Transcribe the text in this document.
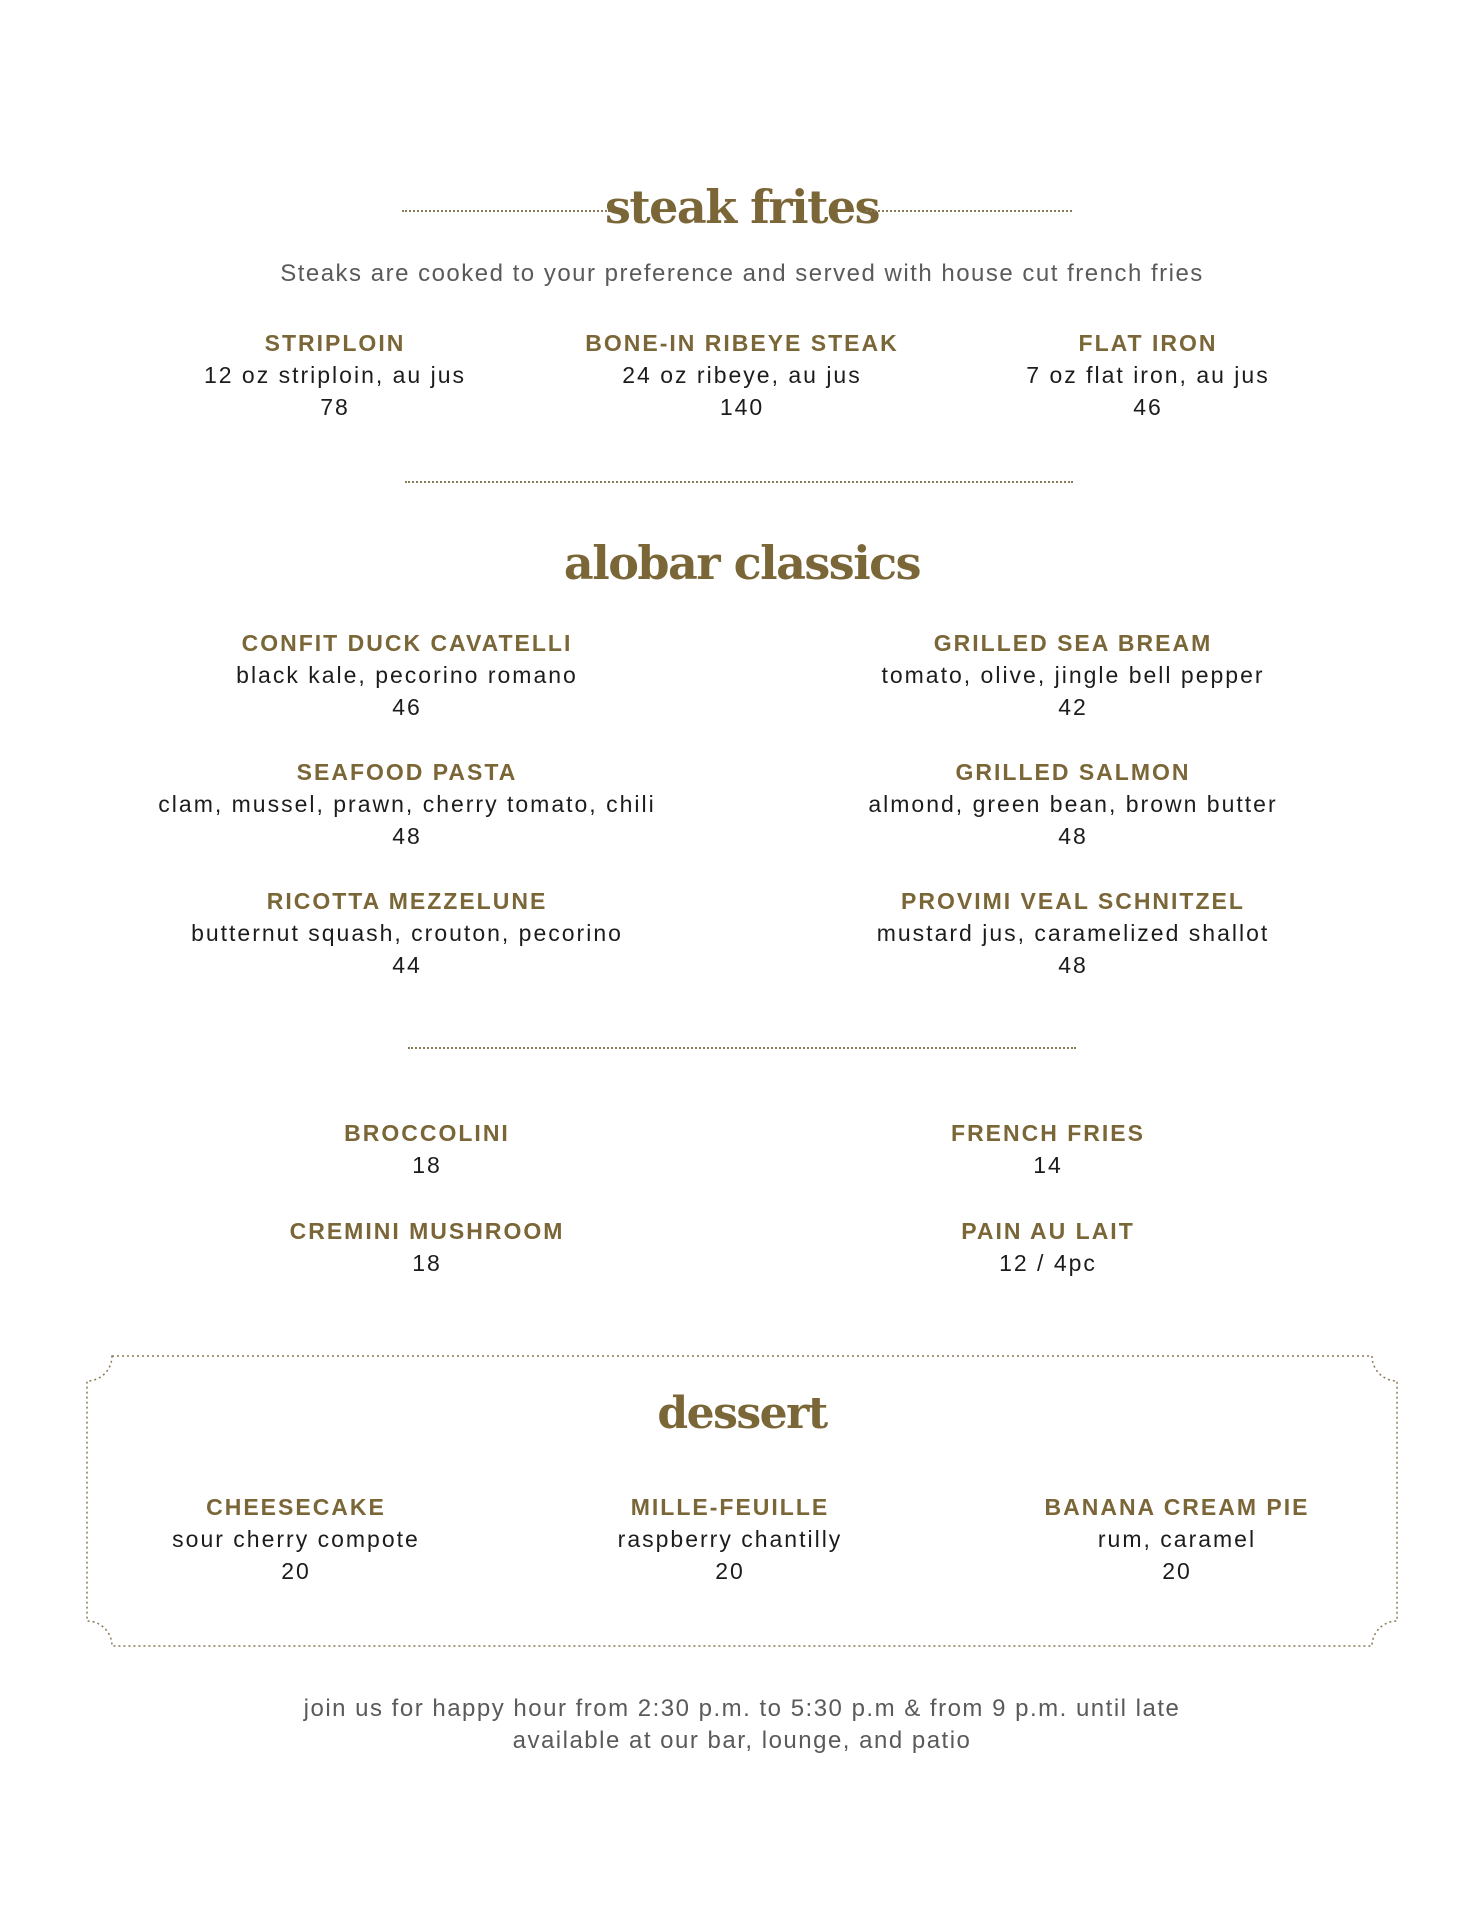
steak frites
Steaks are cooked to your preference and served with house cut french fries
STRIPLOIN
12 oz striploin, au jus
78
BONE-IN RIBEYE STEAK
24 oz ribeye, au jus
140
FLAT IRON
7 oz flat iron, au jus
46
alobar classics
CONFIT DUCK CAVATELLI
black kale, pecorino romano
46
GRILLED SEA BREAM
tomato, olive, jingle bell pepper
42
SEAFOOD PASTA
clam, mussel, prawn, cherry tomato, chili
48
GRILLED SALMON
almond, green bean, brown butter
48
RICOTTA MEZZELUNE
butternut squash, crouton, pecorino
44
PROVIMI VEAL SCHNITZEL
mustard jus, caramelized shallot
48
BROCCOLINI
18
FRENCH FRIES
14
CREMINI MUSHROOM
18
PAIN AU LAIT
12 / 4pc
dessert
CHEESECAKE
sour cherry compote
20
MILLE-FEUILLE
raspberry chantilly
20
BANANA CREAM PIE
rum, caramel
20
join us for happy hour from 2:30 p.m. to 5:30 p.m & from 9 p.m. until late
available at our bar, lounge, and patio
